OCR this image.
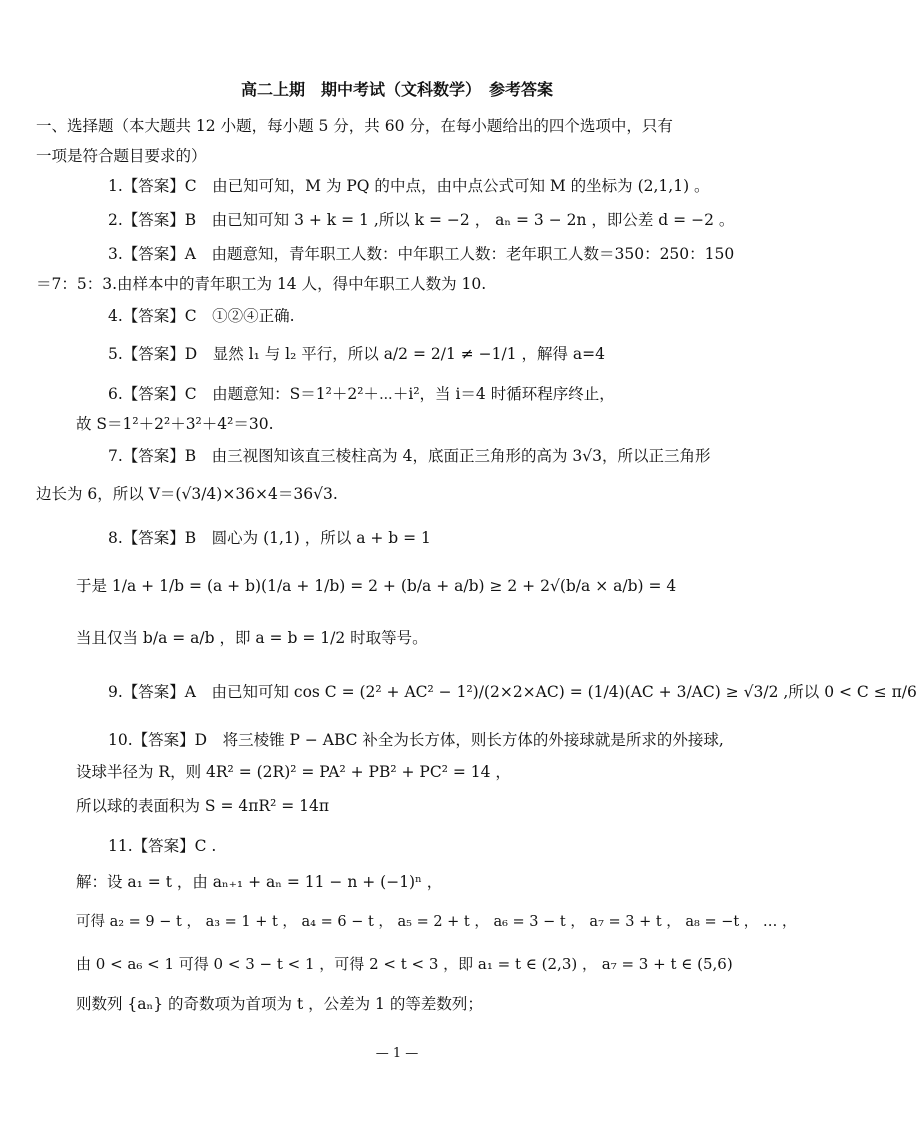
高二上期　期中考试（文科数学）　参考答案
一、选择题（本大题共 12 小题，每小题 5 分，共 60 分，在每小题给出的四个选项中，只有
一项是符合题目要求的）
1.【答案】C　由已知可知，M 为 PQ 的中点，由中点公式可知 M 的坐标为 (2,1,1) 。
2.【答案】B　由已知可知 3 + k = 1 ,所以 k = −2 ， aₙ = 3 − 2n ，即公差 d = −2 。
3.【答案】A　由题意知，青年职工人数：中年职工人数：老年职工人数＝350：250：150
＝7：5：3.由样本中的青年职工为 14 人，得中年职工人数为 10.
4.【答案】C　①②④正确.
5.【答案】D　显然 l₁ 与 l₂ 平行，所以 a/2 = 2/1 ≠ −1/1 ，解得 a=4
6.【答案】C　由题意知：S＝1²＋2²＋⋯＋i²，当 i＝4 时循环程序终止，
故 S＝1²＋2²＋3²＋4²＝30.
7.【答案】B　由三视图知该直三棱柱高为 4，底面正三角形的高为 3√3，所以正三角形
边长为 6，所以 V＝(√3/4)×36×4＝36√3.
8.【答案】B　圆心为 (1,1) ，所以 a + b = 1
于是 1/a + 1/b = (a + b)(1/a + 1/b) = 2 + (b/a + a/b) ≥ 2 + 2√(b/a × a/b) = 4
当且仅当 b/a = a/b ，即 a = b = 1/2 时取等号。
9.【答案】A　由已知可知 cos C = (2² + AC² − 1²)/(2×2×AC) = (1/4)(AC + 3/AC) ≥ √3/2 ,所以 0 < C ≤ π/6
10.【答案】D　将三棱锥 P − ABC 补全为长方体，则长方体的外接球就是所求的外接球,
设球半径为 R，则 4R² = (2R)² = PA² + PB² + PC² = 14 ，
所以球的表面积为 S = 4πR² = 14π
11.【答案】C .
解：设 a₁ = t ，由 aₙ₊₁ + aₙ = 11 − n + (−1)ⁿ ，
可得 a₂ = 9 − t ， a₃ = 1 + t ， a₄ = 6 − t ， a₅ = 2 + t ， a₆ = 3 − t ， a₇ = 3 + t ， a₈ = −t ， … ，
由 0 < a₆ < 1 可得 0 < 3 − t < 1 ，可得 2 < t < 3 ，即 a₁ = t ∈ (2,3) ， a₇ = 3 + t ∈ (5,6)
则数列 {aₙ} 的奇数项为首项为 t ，公差为 1 的等差数列；
— 1 —
